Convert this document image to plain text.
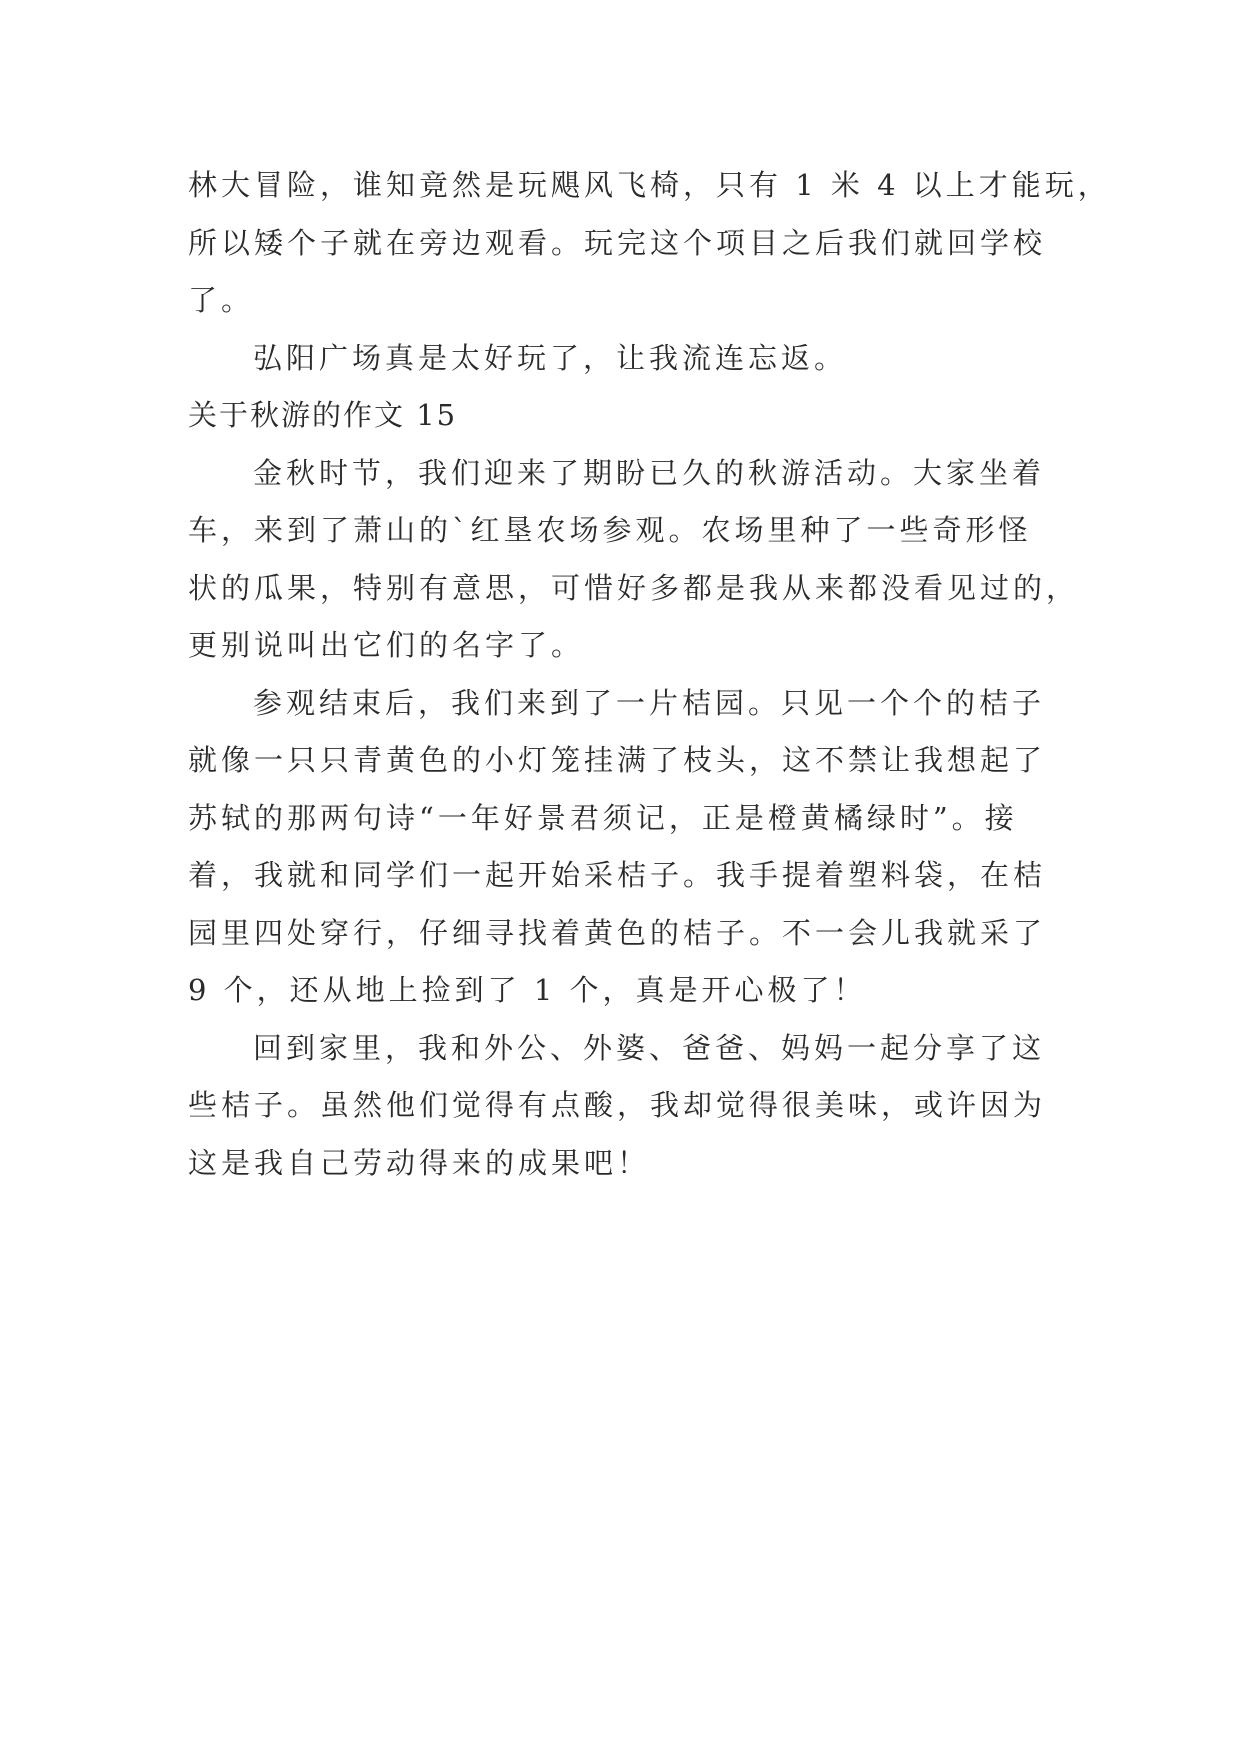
林大冒险，谁知竟然是玩飓风飞椅，只有 1 米 4 以上才能玩，
所以矮个子就在旁边观看。玩完这个项目之后我们就回学校
了。
弘阳广场真是太好玩了，让我流连忘返。
关于秋游的作文 15
金秋时节，我们迎来了期盼已久的秋游活动。大家坐着
车，来到了萧山的`红垦农场参观。农场里种了一些奇形怪
状的瓜果，特别有意思，可惜好多都是我从来都没看见过的，
更别说叫出它们的名字了。
参观结束后，我们来到了一片桔园。只见一个个的桔子
就像一只只青黄色的小灯笼挂满了枝头，这不禁让我想起了
苏轼的那两句诗“一年好景君须记，正是橙黄橘绿时”。接
着，我就和同学们一起开始采桔子。我手提着塑料袋，在桔
园里四处穿行，仔细寻找着黄色的桔子。不一会儿我就采了
9 个，还从地上捡到了 1 个，真是开心极了！
回到家里，我和外公、外婆、爸爸、妈妈一起分享了这
些桔子。虽然他们觉得有点酸，我却觉得很美味，或许因为
这是我自己劳动得来的成果吧！
